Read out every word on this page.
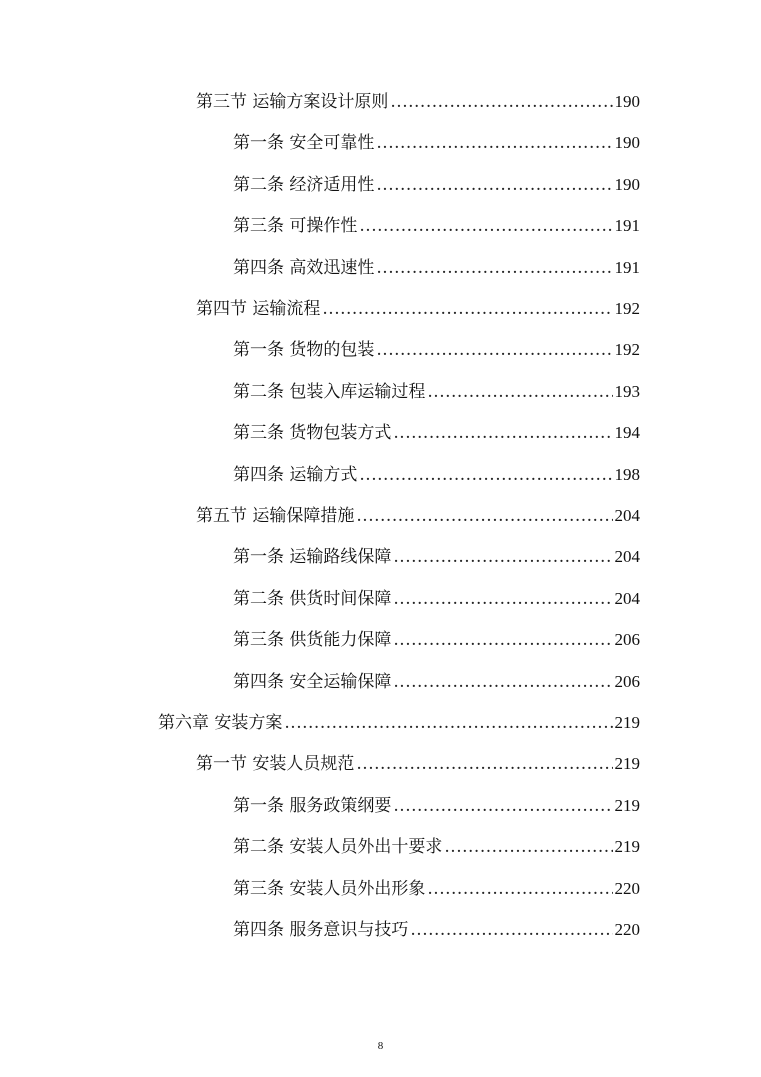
第三节 运输方案设计原则 .....	190
第一条 安全可靠性 .....	190
第二条 经济适用性 .....	190
第三条 可操作性 .....	191
第四条 高效迅速性 .....	191
第四节 运输流程 .....	192
第一条 货物的包装 .....	192
第二条 包装入库运输过程 .....	193
第三条 货物包装方式 .....	194
第四条 运输方式 .....	198
第五节 运输保障措施 .....	204
第一条 运输路线保障 .....	204
第二条 供货时间保障 .....	204
第三条 供货能力保障 .....	206
第四条 安全运输保障 .....	206
第六章 安装方案 .....	219
第一节 安装人员规范 .....	219
第一条 服务政策纲要 .....	219
第二条 安装人员外出十要求 .....	219
第三条 安装人员外出形象 .....	220
第四条 服务意识与技巧 .....	220
8
